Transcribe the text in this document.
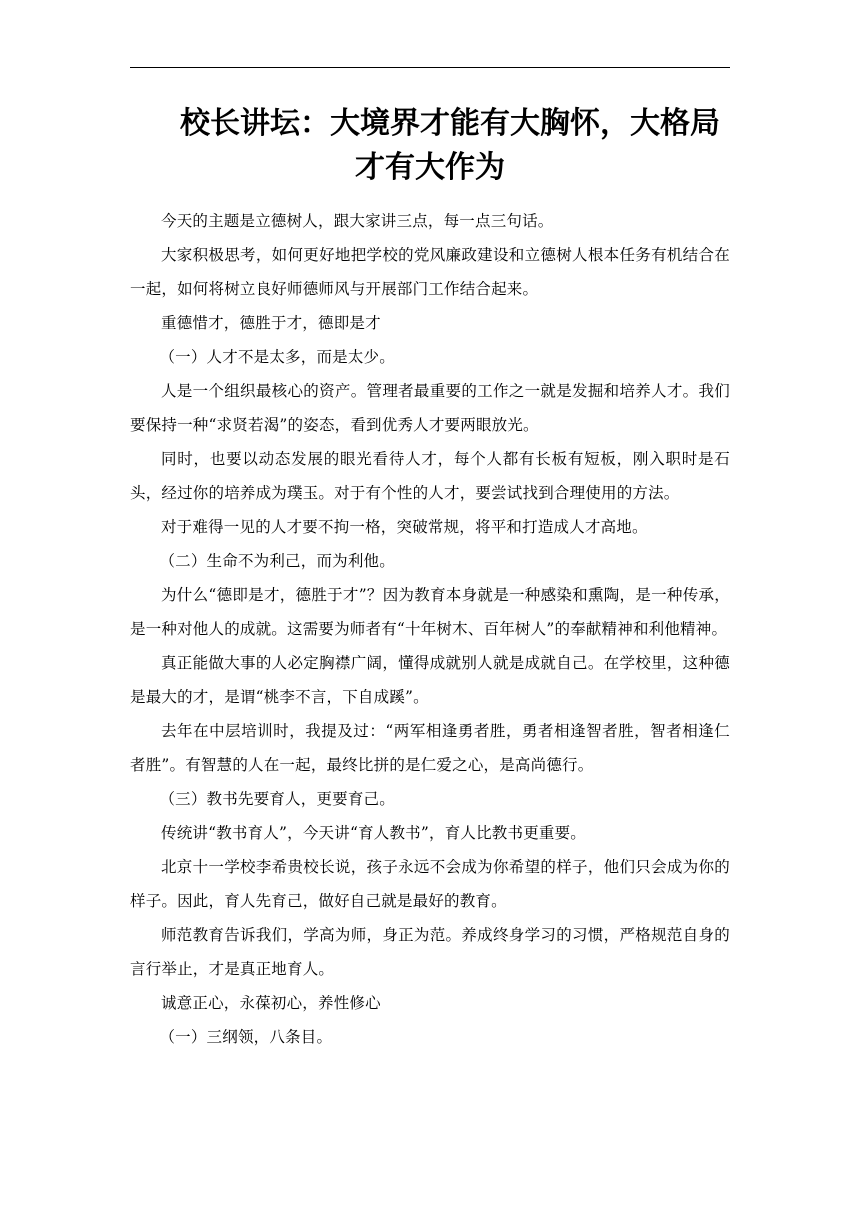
校长讲坛：大境界才能有大胸怀，大格局
才有大作为

今天的主题是立德树人，跟大家讲三点，每一点三句话。

大家积极思考，如何更好地把学校的党风廉政建设和立德树人根本任务有机结合在一起，如何将树立良好师德师风与开展部门工作结合起来。

重德惜才，德胜于才，德即是才

（一）人才不是太多，而是太少。

人是一个组织最核心的资产。管理者最重要的工作之一就是发掘和培养人才。我们要保持一种“求贤若渴”的姿态，看到优秀人才要两眼放光。

同时，也要以动态发展的眼光看待人才，每个人都有长板有短板，刚入职时是石头，经过你的培养成为璞玉。对于有个性的人才，要尝试找到合理使用的方法。

对于难得一见的人才要不拘一格，突破常规，将平和打造成人才高地。

（二）生命不为利己，而为利他。

为什么“德即是才，德胜于才”？因为教育本身就是一种感染和熏陶，是一种传承，是一种对他人的成就。这需要为师者有“十年树木、百年树人”的奉献精神和利他精神。

真正能做大事的人必定胸襟广阔，懂得成就别人就是成就自己。在学校里，这种德是最大的才，是谓“桃李不言，下自成蹊”。

去年在中层培训时，我提及过：“两军相逢勇者胜，勇者相逢智者胜，智者相逢仁者胜”。有智慧的人在一起，最终比拼的是仁爱之心，是高尚德行。

（三）教书先要育人，更要育己。

传统讲“教书育人”，今天讲“育人教书”，育人比教书更重要。

北京十一学校李希贵校长说，孩子永远不会成为你希望的样子，他们只会成为你的样子。因此，育人先育己，做好自己就是最好的教育。

师范教育告诉我们，学高为师，身正为范。养成终身学习的习惯，严格规范自身的言行举止，才是真正地育人。

诚意正心，永葆初心，养性修心

（一）三纲领，八条目。
